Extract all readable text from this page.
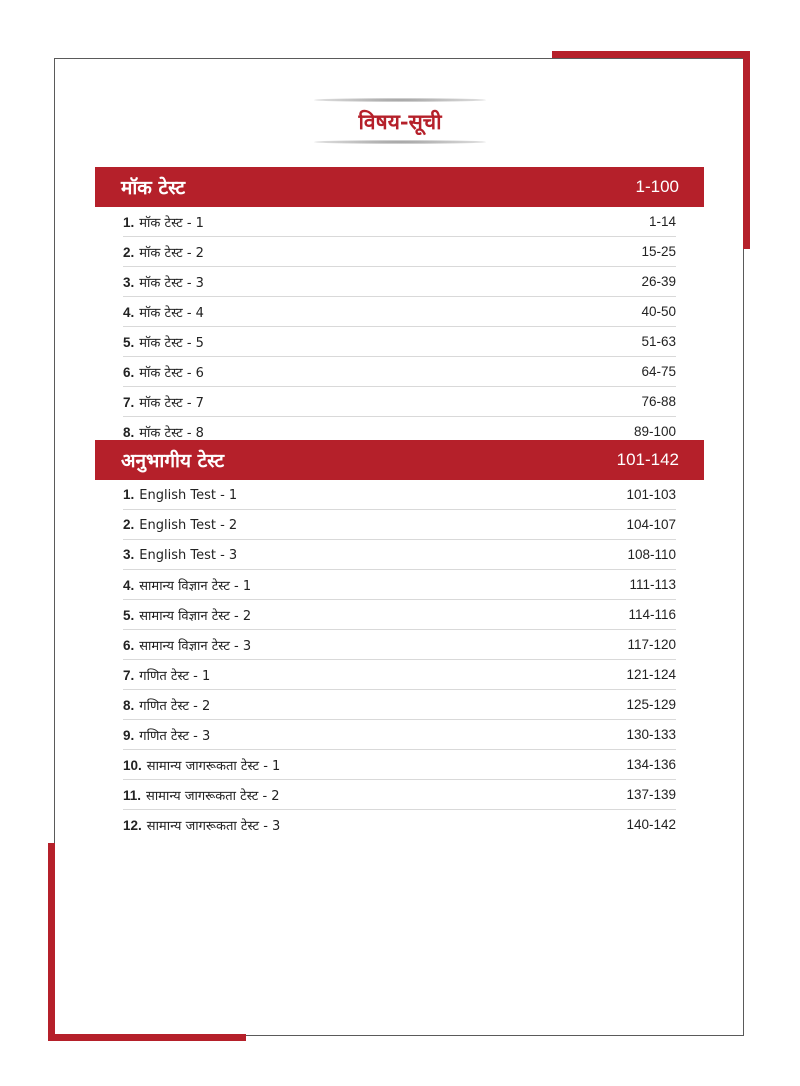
विषय-सूची
मॉक टेस्ट	1-100
1. मॉक टेस्ट - 1	1-14
2. मॉक टेस्ट - 2	15-25
3. मॉक टेस्ट - 3	26-39
4. मॉक टेस्ट - 4	40-50
5. मॉक टेस्ट - 5	51-63
6. मॉक टेस्ट - 6	64-75
7. मॉक टेस्ट - 7	76-88
8. मॉक टेस्ट - 8	89-100
अनुभागीय टेस्ट	101-142
1. English Test - 1	101-103
2. English Test - 2	104-107
3. English Test - 3	108-110
4. सामान्य विज्ञान टेस्ट - 1	111-113
5. सामान्य विज्ञान टेस्ट - 2	114-116
6. सामान्य विज्ञान टेस्ट - 3	117-120
7. गणित टेस्ट - 1	121-124
8. गणित टेस्ट - 2	125-129
9. गणित टेस्ट - 3	130-133
10. सामान्य जागरूकता टेस्ट - 1	134-136
11. सामान्य जागरूकता टेस्ट - 2	137-139
12. सामान्य जागरूकता टेस्ट - 3	140-142
